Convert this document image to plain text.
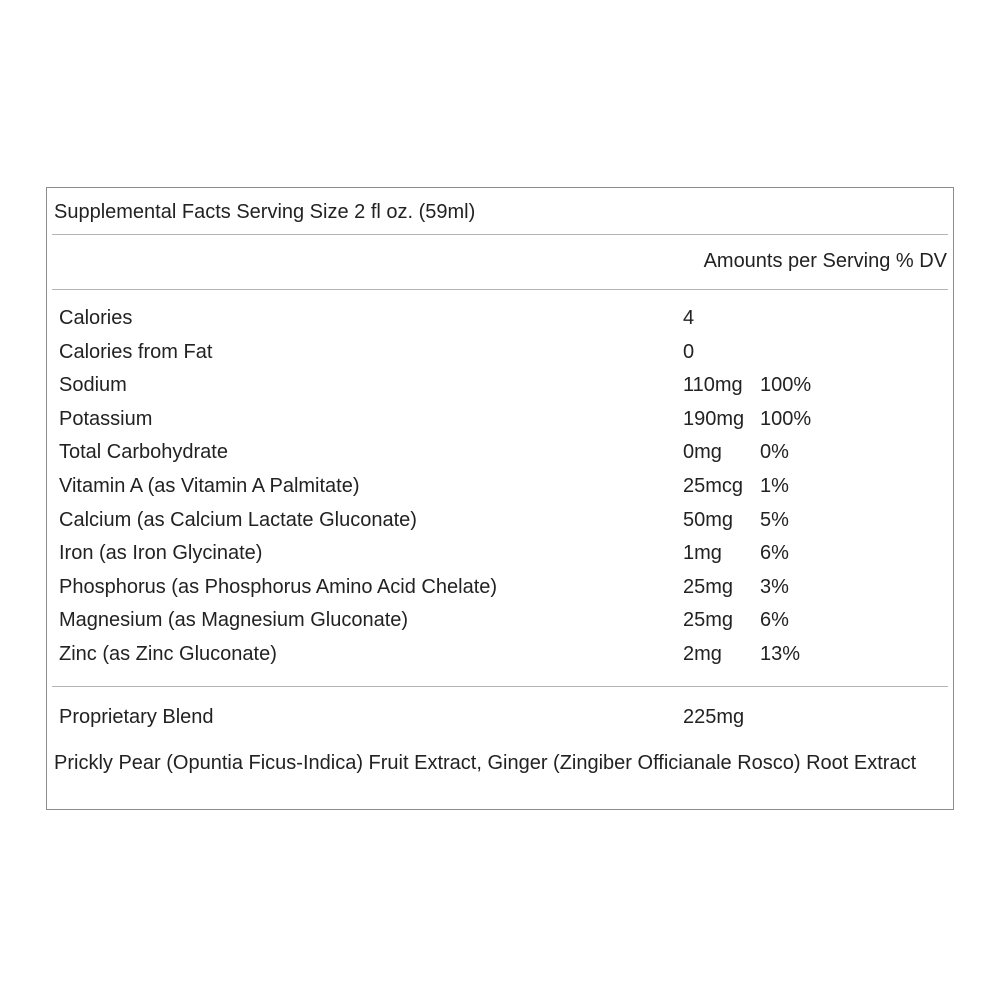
Supplemental Facts Serving Size 2 fl oz. (59ml)
Amounts per Serving % DV
Calories	4
Calories from Fat	0
Sodium	110mg 100%
Potassium	190mg 100%
Total Carbohydrate	0mg 0%
Vitamin A (as Vitamin A Palmitate)	25mcg 1%
Calcium (as Calcium Lactate Gluconate)	50mg 5%
Iron (as Iron Glycinate)	1mg 6%
Phosphorus (as Phosphorus Amino Acid Chelate)	25mg 3%
Magnesium (as Magnesium Gluconate)	25mg 6%
Zinc (as Zinc Gluconate)	2mg 13%
Proprietary Blend	225mg
Prickly Pear (Opuntia Ficus-Indica) Fruit Extract, Ginger (Zingiber Officianale Rosco) Root Extract
